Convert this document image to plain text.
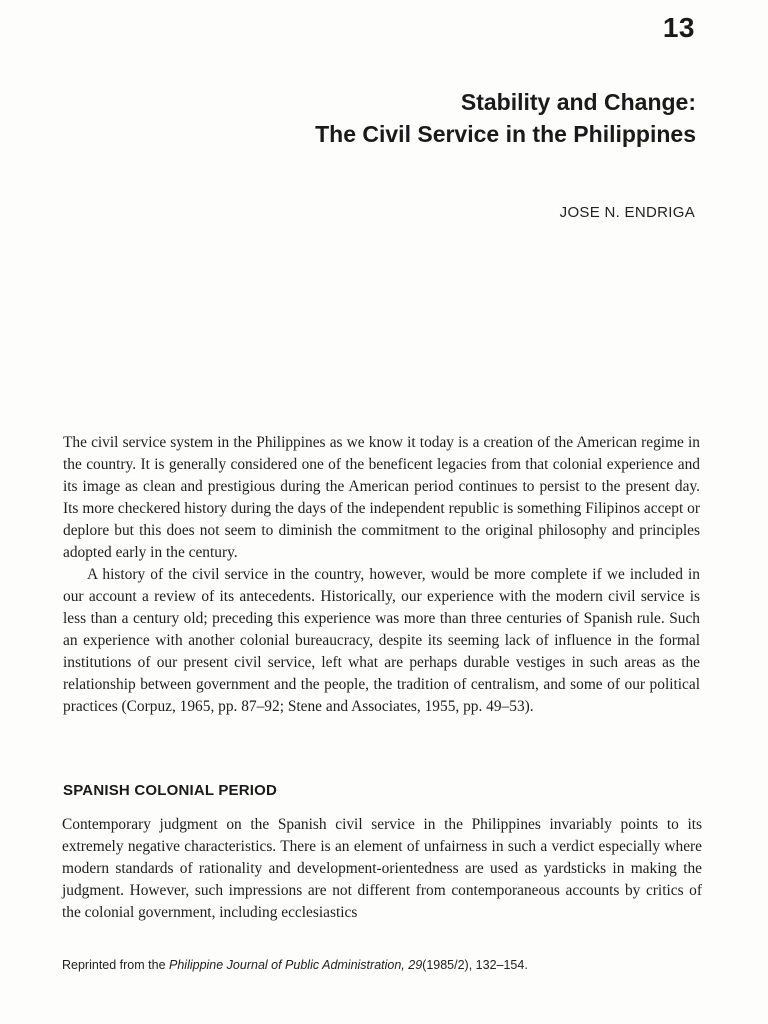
13
Stability and Change:
The Civil Service in the Philippines
JOSE N. ENDRIGA

The civil service system in the Philippines as we know it today is a creation of the American regime in the country. It is generally considered one of the beneficent legacies from that colonial experience and its image as clean and prestigious during the American period continues to persist to the present day. Its more checkered history during the days of the independent republic is something Filipinos accept or deplore but this does not seem to diminish the commitment to the original philosophy and principles adopted early in the century.

A history of the civil service in the country, however, would be more complete if we included in our account a review of its antecedents. Historically, our experience with the modern civil service is less than a century old; preceding this experience was more than three centuries of Spanish rule. Such an experience with another colonial bureaucracy, despite its seeming lack of influence in the formal institutions of our present civil service, left what are perhaps durable vestiges in such areas as the relationship between government and the people, the tradition of centralism, and some of our political practices (Corpuz, 1965, pp. 87–92; Stene and Associates, 1955, pp. 49–53).

SPANISH COLONIAL PERIOD

Contemporary judgment on the Spanish civil service in the Philippines invariably points to its extremely negative characteristics. There is an element of unfairness in such a verdict especially where modern standards of rationality and development-orientedness are used as yardsticks in making the judgment. However, such impressions are not different from contemporaneous accounts by critics of the colonial government, including ecclesiastics

Reprinted from the Philippine Journal of Public Administration, 29(1985/2), 132–154.
